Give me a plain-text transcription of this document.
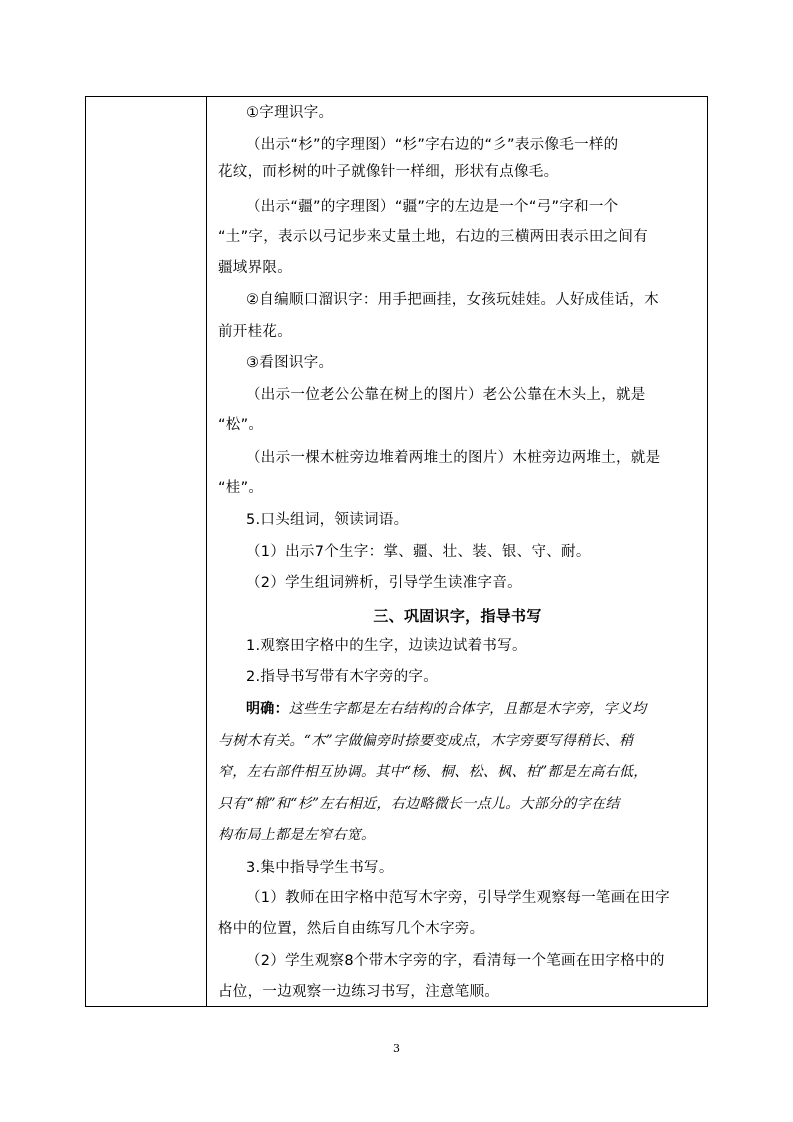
①字理识字。
（出示“杉”的字理图）“杉”字右边的“彡”表示像毛一样的
花纹，而杉树的叶子就像针一样细，形状有点像毛。
（出示“疆”的字理图）“疆”字的左边是一个“弓”字和一个
“土”字，表示以弓记步来丈量土地，右边的三横两田表示田之间有
疆域界限。
②自编顺口溜识字：用手把画挂，女孩玩娃娃。人好成佳话，木
前开桂花。
③看图识字。
（出示一位老公公靠在树上的图片）老公公靠在木头上，就是
“松”。
（出示一棵木桩旁边堆着两堆土的图片）木桩旁边两堆土，就是
“桂”。
5.口头组词，领读词语。
（1）出示7个生字：掌、疆、壮、装、银、守、耐。
（2）学生组词辨析，引导学生读准字音。
三、巩固识字，指导书写
1.观察田字格中的生字，边读边试着书写。
2.指导书写带有木字旁的字。
明确：这些生字都是左右结构的合体字，且都是木字旁，字义均
与树木有关。“木”字做偏旁时捺要变成点，木字旁要写得稍长、稍
窄，左右部件相互协调。其中“杨、桐、松、枫、柏”都是左高右低，
只有“棉”和“杉”左右相近，右边略微长一点儿。大部分的字在结
构布局上都是左窄右宽。
3.集中指导学生书写。
（1）教师在田字格中范写木字旁，引导学生观察每一笔画在田字
格中的位置，然后自由练写几个木字旁。
（2）学生观察8个带木字旁的字，看清每一个笔画在田字格中的
占位，一边观察一边练习书写，注意笔顺。
3
